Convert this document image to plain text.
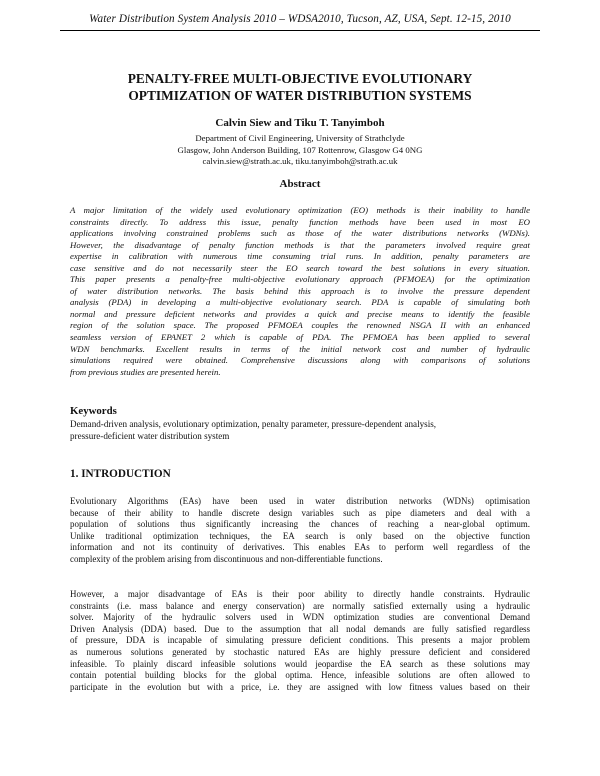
Water Distribution System Analysis 2010 – WDSA2010, Tucson, AZ, USA, Sept. 12-15, 2010
PENALTY-FREE MULTI-OBJECTIVE EVOLUTIONARY
OPTIMIZATION OF WATER DISTRIBUTION SYSTEMS
Calvin Siew and Tiku T. Tanyimboh
Department of Civil Engineering, University of Strathclyde
Glasgow, John Anderson Building, 107 Rottenrow, Glasgow G4 0NG
calvin.siew@strath.ac.uk, tiku.tanyimboh@strath.ac.uk
Abstract
A major limitation of the widely used evolutionary optimization (EO) methods is their inability to handle
constraints directly. To address this issue, penalty function methods have been used in most EO
applications involving constrained problems such as those of the water distributions networks (WDNs).
However, the disadvantage of penalty function methods is that the parameters involved require great
expertise in calibration with numerous time consuming trial runs. In addition, penalty parameters are
case sensitive and do not necessarily steer the EO search toward the best solutions in every situation.
This paper presents a penalty-free multi-objective evolutionary approach (PFMOEA) for the optimization
of water distribution networks. The basis behind this approach is to involve the pressure dependent
analysis (PDA) in developing a multi-objective evolutionary search. PDA is capable of simulating both
normal and pressure deficient networks and provides a quick and precise means to identify the feasible
region of the solution space. The proposed PFMOEA couples the renowned NSGA II with an enhanced
seamless version of EPANET 2 which is capable of PDA. The PFMOEA has been applied to several
WDN benchmarks. Excellent results in terms of the initial network cost and number of hydraulic
simulations required were obtained. Comprehensive discussions along with comparisons of solutions
from previous studies are presented herein.
Keywords
Demand-driven analysis, evolutionary optimization, penalty parameter, pressure-dependent analysis,
pressure-deficient water distribution system
1. INTRODUCTION
Evolutionary Algorithms (EAs) have been used in water distribution networks (WDNs) optimisation
because of their ability to handle discrete design variables such as pipe diameters and deal with a
population of solutions thus significantly increasing the chances of reaching a near-global optimum.
Unlike traditional optimization techniques, the EA search is only based on the objective function
information and not its continuity of derivatives. This enables EAs to perform well regardless of the
complexity of the problem arising from discontinuous and non-differentiable functions.
However, a major disadvantage of EAs is their poor ability to directly handle constraints. Hydraulic
constraints (i.e. mass balance and energy conservation) are normally satisfied externally using a hydraulic
solver. Majority of the hydraulic solvers used in WDN optimization studies are conventional Demand
Driven Analysis (DDA) based. Due to the assumption that all nodal demands are fully satisfied regardless
of pressure, DDA is incapable of simulating pressure deficient conditions. This presents a major problem
as numerous solutions generated by stochastic natured EAs are highly pressure deficient and considered
infeasible. To plainly discard infeasible solutions would jeopardise the EA search as these solutions may
contain potential building blocks for the global optima. Hence, infeasible solutions are often allowed to
participate in the evolution but with a price, i.e. they are assigned with low fitness values based on their
